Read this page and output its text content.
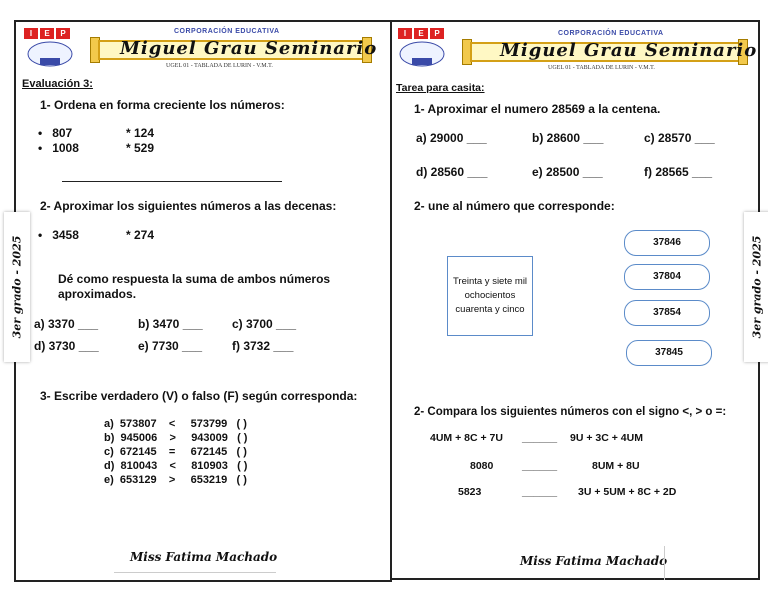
I	E	P	CORPORACIÓN EDUCATIVA
Miguel Grau Seminario
UGEL 01 - TABLADA DE LURIN - V.M.T.
Evaluación 3:
1- Ordena en forma creciente los números:
•   807	* 124
•   1008	* 529
2- Aproximar los siguientes números a las decenas:
•   3458	* 274
Dé como respuesta la suma de ambos números
aproximados.
a) 3370 ___	b) 3470 ___ c) 3700 ___
d) 3730 ___	e) 7730 ___ f) 3732 ___
3- Escribe verdadero (V) o falso (F) según corresponda:
a) 573807 < 573799 ( )
b) 945006 > 943009 ( )
c) 672145 = 672145 ( )
d) 810043 < 810903 ( )
e) 653129 > 653219 ( )
Miss Fatima Machado
I	E	P	CORPORACIÓN EDUCATIVA
Miguel Grau Seminario
UGEL 01 - TABLADA DE LURIN - V.M.T.
Tarea para casita:
1- Aproximar el numero 28569 a la centena.
a) 29000 ___	b) 28600 ___	c) 28570 ___
d) 28560 ___	e) 28500 ___	f) 28565 ___
2- une al número que corresponde:
Treinta y siete mil ochocientos cuarenta y cinco
37846
37804
37854
37845
2- Compara los siguientes números con el signo <, > o =:
4UM + 8C + 7U ______ 9U + 3C + 4UM
8080	______	8UM + 8U
5823	______ 3U + 5UM + 8C + 2D
Miss Fatima Machado
3er grado - 2025	3er grado - 2025
